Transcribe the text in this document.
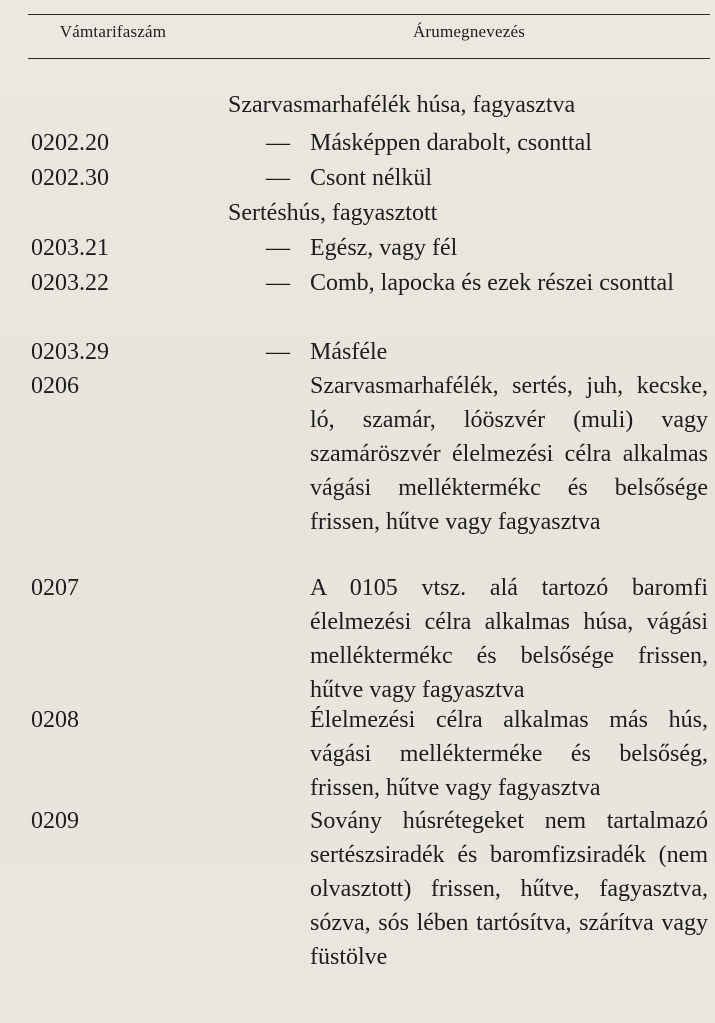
Vámtarifaszám	Árumegnevezés
Szarvasmarhafélék húsa, fagyasztva
0202.20	— Másképpen darabolt, csonttal
0202.30	— Csont nélkül
Sertéshús, fagyasztott
0203.21	— Egész, vagy fél
0203.22	— Comb, lapocka és ezek részei csonttal
0203.29	— Másféle
0206	Szarvasmarhafélék, sertés, juh, kecske, ló, szamár, lóöszvér (muli) vagy szamáröszvér élelmezési célra alkalmas vágási melléktermékc és belsősége frissen, hűtve vagy fagyasztva
0207	A 0105 vtsz. alá tartozó baromfi élelmezési célra alkalmas húsa, vágási melléktermékc és belsősége frissen, hűtve vagy fagyasztva
0208	Élelmezési célra alkalmas más hús, vágási mellékterméke és belsőség, frissen, hűtve vagy fagyasztva
0209	Sovány húsrétegeket nem tartalmazó sertészsiradék és baromfizsiradék (nem olvasztott) frissen, hűtve, fagyasztva, sózva, sós lében tartósítva, szárítva vagy füstölve
